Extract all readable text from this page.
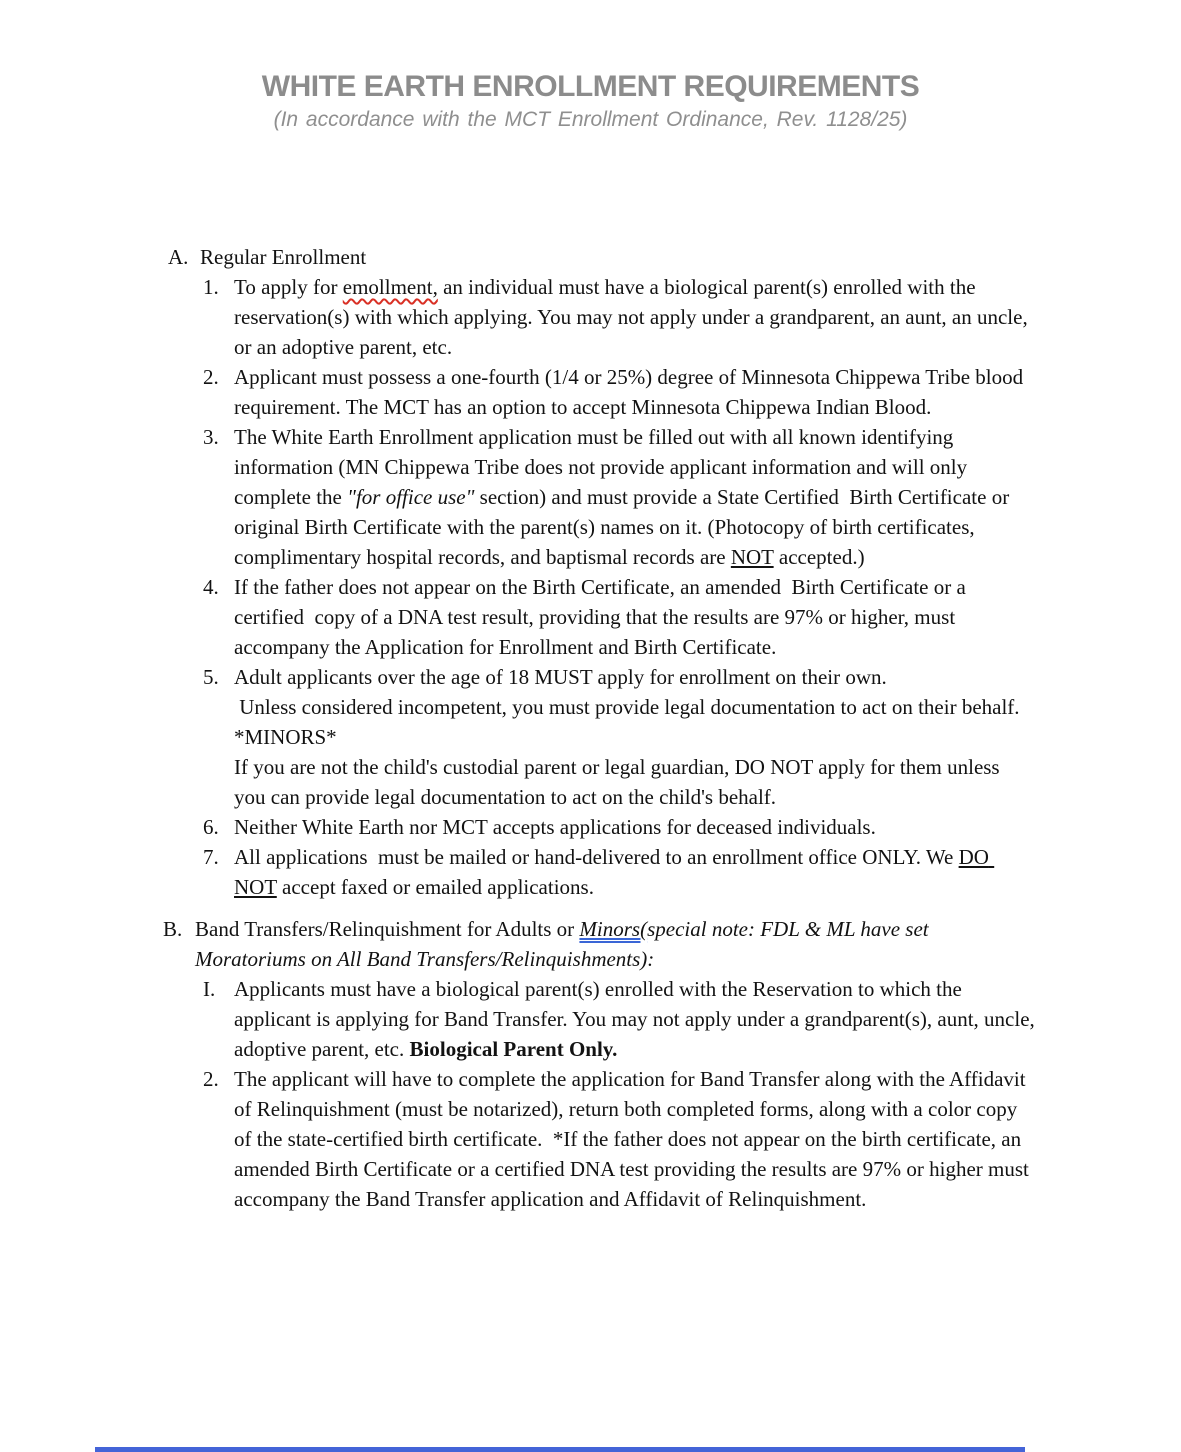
WHITE EARTH ENROLLMENT REQUIREMENTS
(In accordance with the MCT Enrollment Ordinance, Rev. 1128/25)
A. Regular Enrollment
1. To apply for emollment, an individual must have a biological parent(s) enrolled with the reservation(s) with which applying. You may not apply under a grandparent, an aunt, an uncle, or an adoptive parent, etc.
2. Applicant must possess a one-fourth (1/4 or 25%) degree of Minnesota Chippewa Tribe blood requirement. The MCT has an option to accept Minnesota Chippewa Indian Blood.
3. The White Earth Enrollment application must be filled out with all known identifying information (MN Chippewa Tribe does not provide applicant information and will only complete the "for office use" section) and must provide a State Certified  Birth Certificate or original Birth Certificate with the parent(s) names on it. (Photocopy of birth certificates, complimentary hospital records, and baptismal records are NOT accepted.)
4. If the father does not appear on the Birth Certificate, an amended  Birth Certificate or a certified  copy of a DNA test result, providing that the results are 97% or higher, must accompany the Application for Enrollment and Birth Certificate.
5. Adult applicants over the age of 18 MUST apply for enrollment on their own.
Unless considered incompetent, you must provide legal documentation to act on their behalf.
*MINORS*
If you are not the child's custodial parent or legal guardian, DO NOT apply for them unless you can provide legal documentation to act on the child's behalf.
6. Neither White Earth nor MCT accepts applications for deceased individuals.
7. All applications  must be mailed or hand-delivered to an enrollment office ONLY. We DO NOT accept faxed or emailed applications.
B. Band Transfers/Relinquishment for Adults or Minors(special note: FDL & ML have set Moratoriums on All Band Transfers/Relinquishments):
I. Applicants must have a biological parent(s) enrolled with the Reservation to which the applicant is applying for Band Transfer. You may not apply under a grandparent(s), aunt, uncle, adoptive parent, etc. Biological Parent Only.
2. The applicant will have to complete the application for Band Transfer along with the Affidavit of Relinquishment (must be notarized), return both completed forms, along with a color copy of the state-certified birth certificate.  *If the father does not appear on the birth certificate, an amended Birth Certificate or a certified DNA test providing the results are 97% or higher must accompany the Band Transfer application and Affidavit of Relinquishment.
